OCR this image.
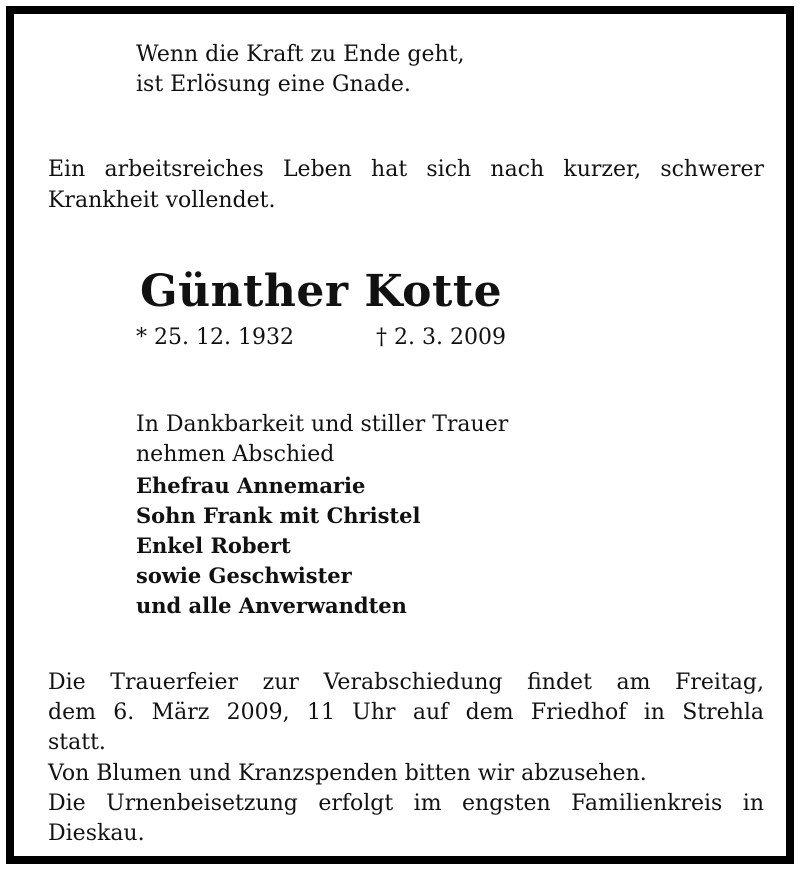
Wenn die Kraft zu Ende geht,
ist Erlösung eine Gnade.
Ein arbeitsreiches Leben hat sich nach kurzer, schwerer
Krankheit vollendet.
Günther Kotte
* 25. 12. 1932	† 2. 3. 2009
In Dankbarkeit und stiller Trauer
nehmen Abschied
Ehefrau Annemarie
Sohn Frank mit Christel
Enkel Robert
sowie Geschwister
und alle Anverwandten
Die Trauerfeier zur Verabschiedung findet am Freitag,
dem 6. März 2009, 11 Uhr auf dem Friedhof in Strehla
statt.
Von Blumen und Kranzspenden bitten wir abzusehen.
Die Urnenbeisetzung erfolgt im engsten Familienkreis in
Dieskau.
